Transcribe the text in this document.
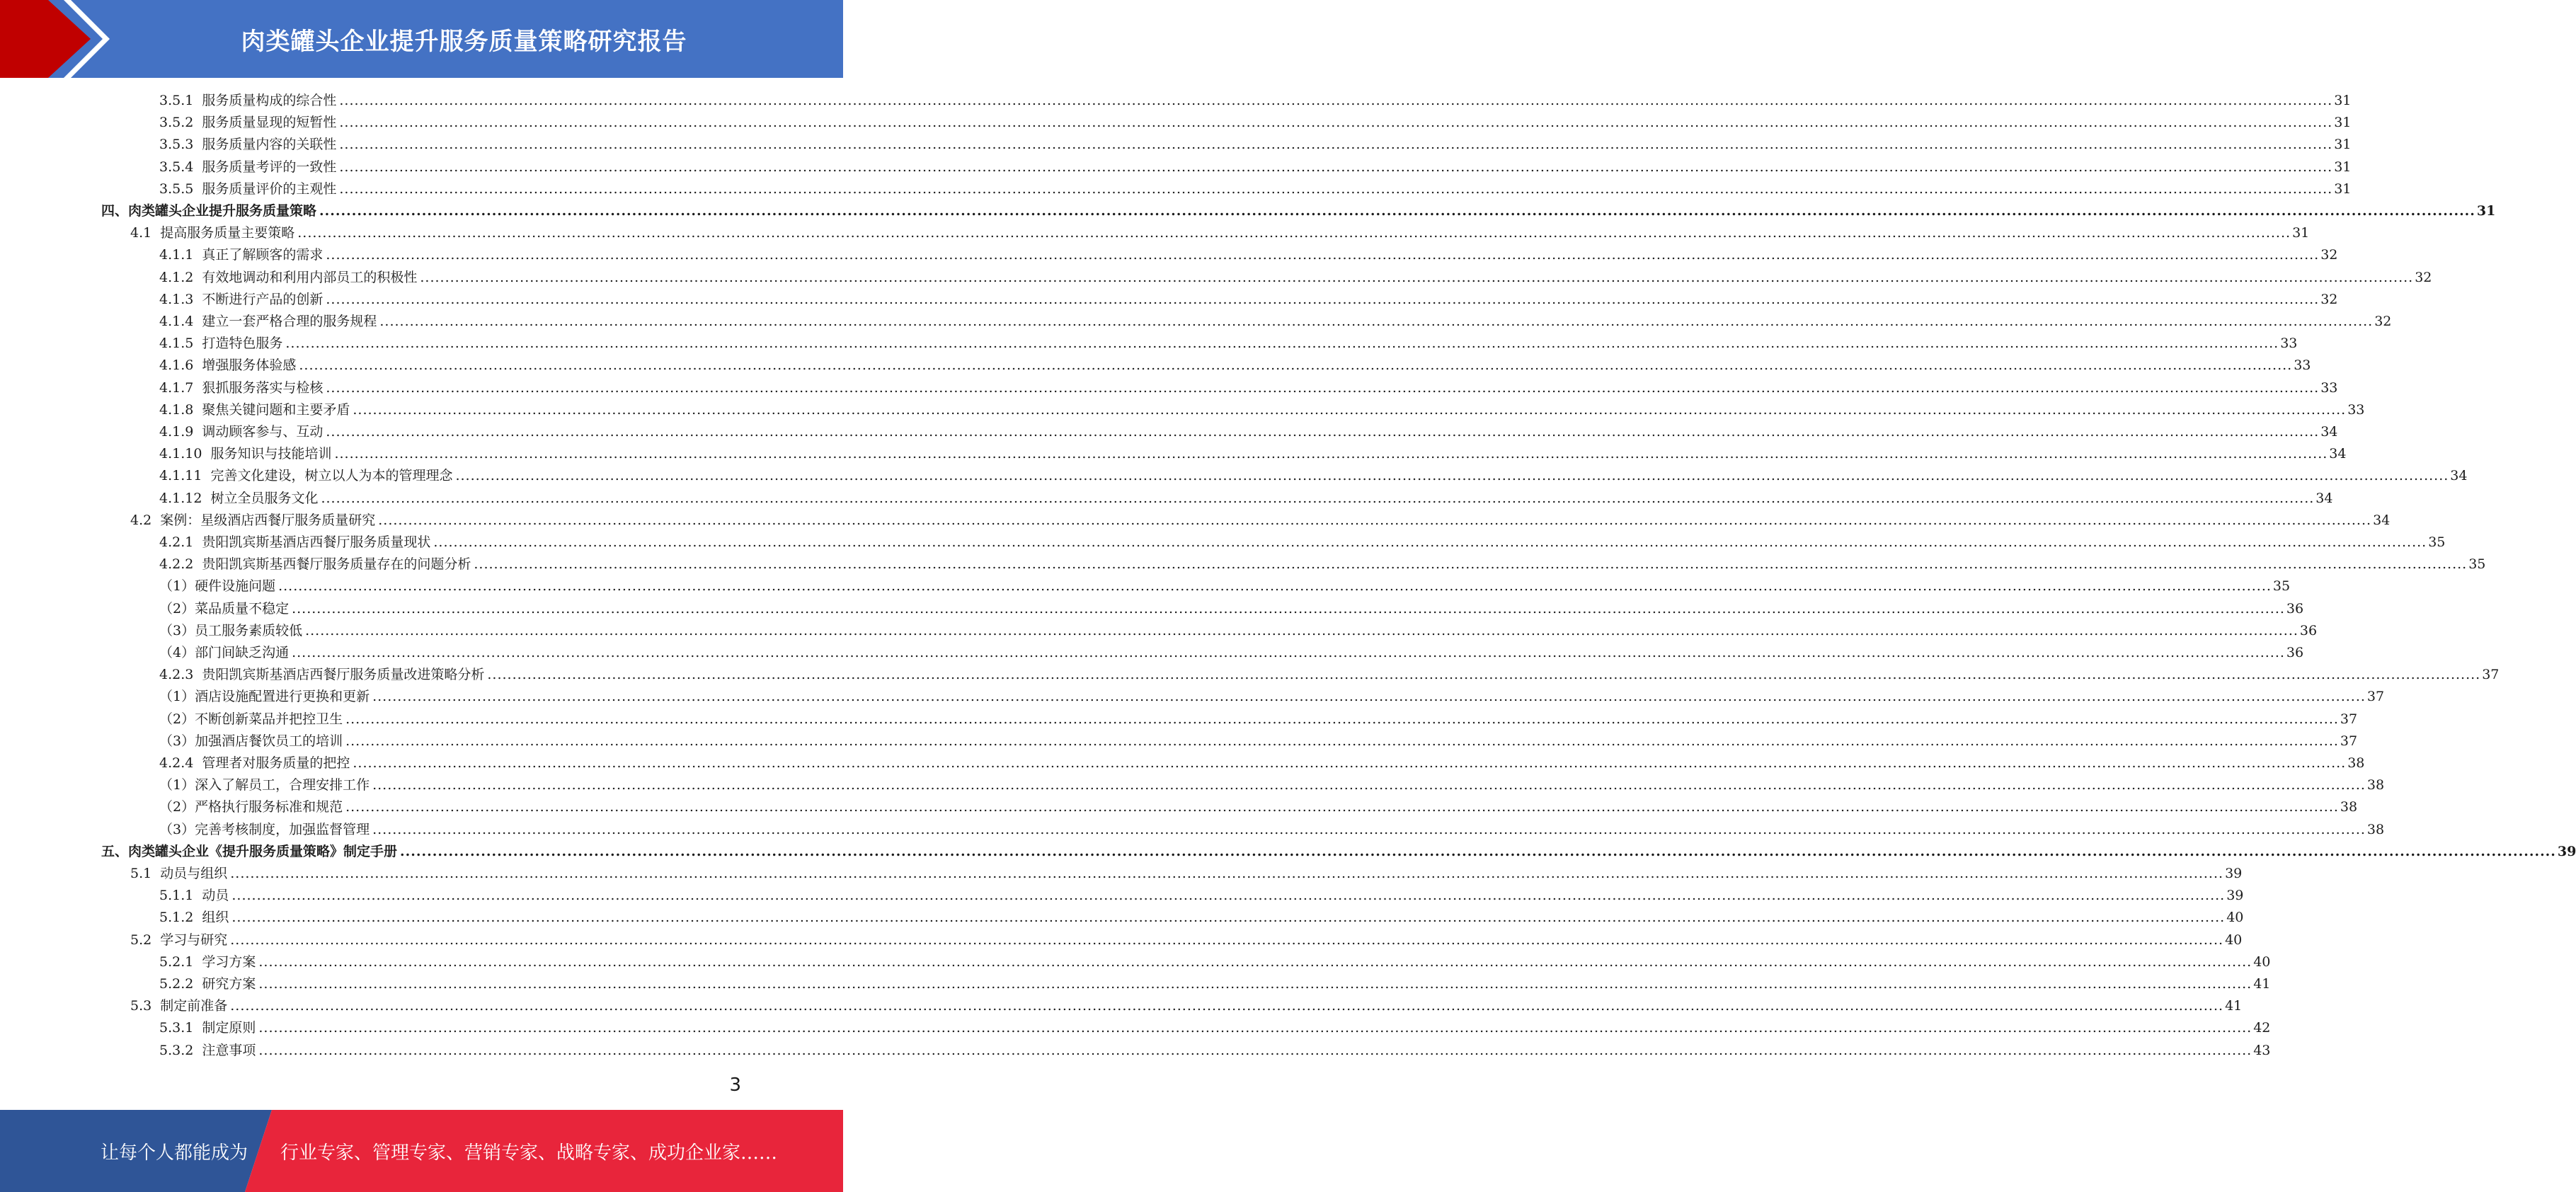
肉类罐头企业提升服务质量策略研究报告
3.5.1 服务质量构成的综合性 ................................................................................................................................................................................................................................................................................................................................................................................................................ 31
3.5.2 服务质量显现的短暂性 ................................................................................................................................................................................................................................................................................................................................................................................................................ 31
3.5.3 服务质量内容的关联性 ................................................................................................................................................................................................................................................................................................................................................................................................................ 31
3.5.4 服务质量考评的一致性 ................................................................................................................................................................................................................................................................................................................................................................................................................ 31
3.5.5 服务质量评价的主观性 ................................................................................................................................................................................................................................................................................................................................................................................................................ 31
四、肉类罐头企业提升服务质量策略 ................................................................................................................................................................................................................................................................................................................................................................................................................ 31
4.1 提高服务质量主要策略 ................................................................................................................................................................................................................................................................................................................................................................................................................ 31
4.1.1 真正了解顾客的需求 ................................................................................................................................................................................................................................................................................................................................................................................................................ 32
4.1.2 有效地调动和利用内部员工的积极性 ................................................................................................................................................................................................................................................................................................................................................................................................................ 32
4.1.3 不断进行产品的创新 ................................................................................................................................................................................................................................................................................................................................................................................................................ 32
4.1.4 建立一套严格合理的服务规程 ................................................................................................................................................................................................................................................................................................................................................................................................................ 32
4.1.5 打造特色服务 ................................................................................................................................................................................................................................................................................................................................................................................................................ 33
4.1.6 增强服务体验感 ................................................................................................................................................................................................................................................................................................................................................................................................................ 33
4.1.7 狠抓服务落实与检核 ................................................................................................................................................................................................................................................................................................................................................................................................................ 33
4.1.8 聚焦关键问题和主要矛盾 ................................................................................................................................................................................................................................................................................................................................................................................................................ 33
4.1.9 调动顾客参与、互动 ................................................................................................................................................................................................................................................................................................................................................................................................................ 34
4.1.10 服务知识与技能培训 ................................................................................................................................................................................................................................................................................................................................................................................................................ 34
4.1.11 完善文化建设，树立以人为本的管理理念 ................................................................................................................................................................................................................................................................................................................................................................................................................ 34
4.1.12 树立全员服务文化 ................................................................................................................................................................................................................................................................................................................................................................................................................ 34
4.2 案例：星级酒店西餐厅服务质量研究 ................................................................................................................................................................................................................................................................................................................................................................................................................ 34
4.2.1 贵阳凯宾斯基酒店西餐厅服务质量现状 ................................................................................................................................................................................................................................................................................................................................................................................................................ 35
4.2.2 贵阳凯宾斯基西餐厅服务质量存在的问题分析 ................................................................................................................................................................................................................................................................................................................................................................................................................ 35
（1）硬件设施问题 ................................................................................................................................................................................................................................................................................................................................................................................................................ 35
（2）菜品质量不稳定 ................................................................................................................................................................................................................................................................................................................................................................................................................ 36
（3）员工服务素质较低 ................................................................................................................................................................................................................................................................................................................................................................................................................ 36
（4）部门间缺乏沟通 ................................................................................................................................................................................................................................................................................................................................................................................................................ 36
4.2.3 贵阳凯宾斯基酒店西餐厅服务质量改进策略分析 ................................................................................................................................................................................................................................................................................................................................................................................................................ 37
（1）酒店设施配置进行更换和更新 ................................................................................................................................................................................................................................................................................................................................................................................................................ 37
（2）不断创新菜品并把控卫生 ................................................................................................................................................................................................................................................................................................................................................................................................................ 37
（3）加强酒店餐饮员工的培训 ................................................................................................................................................................................................................................................................................................................................................................................................................ 37
4.2.4 管理者对服务质量的把控 ................................................................................................................................................................................................................................................................................................................................................................................................................ 38
（1）深入了解员工，合理安排工作 ................................................................................................................................................................................................................................................................................................................................................................................................................ 38
（2）严格执行服务标准和规范 ................................................................................................................................................................................................................................................................................................................................................................................................................ 38
（3）完善考核制度，加强监督管理 ................................................................................................................................................................................................................................................................................................................................................................................................................ 38
五、肉类罐头企业《提升服务质量策略》制定手册 ................................................................................................................................................................................................................................................................................................................................................................................................................ 39
5.1 动员与组织 ................................................................................................................................................................................................................................................................................................................................................................................................................ 39
5.1.1 动员 ................................................................................................................................................................................................................................................................................................................................................................................................................ 39
5.1.2 组织 ................................................................................................................................................................................................................................................................................................................................................................................................................ 40
5.2 学习与研究 ................................................................................................................................................................................................................................................................................................................................................................................................................ 40
5.2.1 学习方案 ................................................................................................................................................................................................................................................................................................................................................................................................................ 40
5.2.2 研究方案 ................................................................................................................................................................................................................................................................................................................................................................................................................ 41
5.3 制定前准备 ................................................................................................................................................................................................................................................................................................................................................................................................................ 41
5.3.1 制定原则 ................................................................................................................................................................................................................................................................................................................................................................................................................ 42
5.3.2 注意事项 ................................................................................................................................................................................................................................................................................................................................................................................................................ 43
3
让每个人都能成为 行业专家、管理专家、营销专家、战略专家、成功企业家……
